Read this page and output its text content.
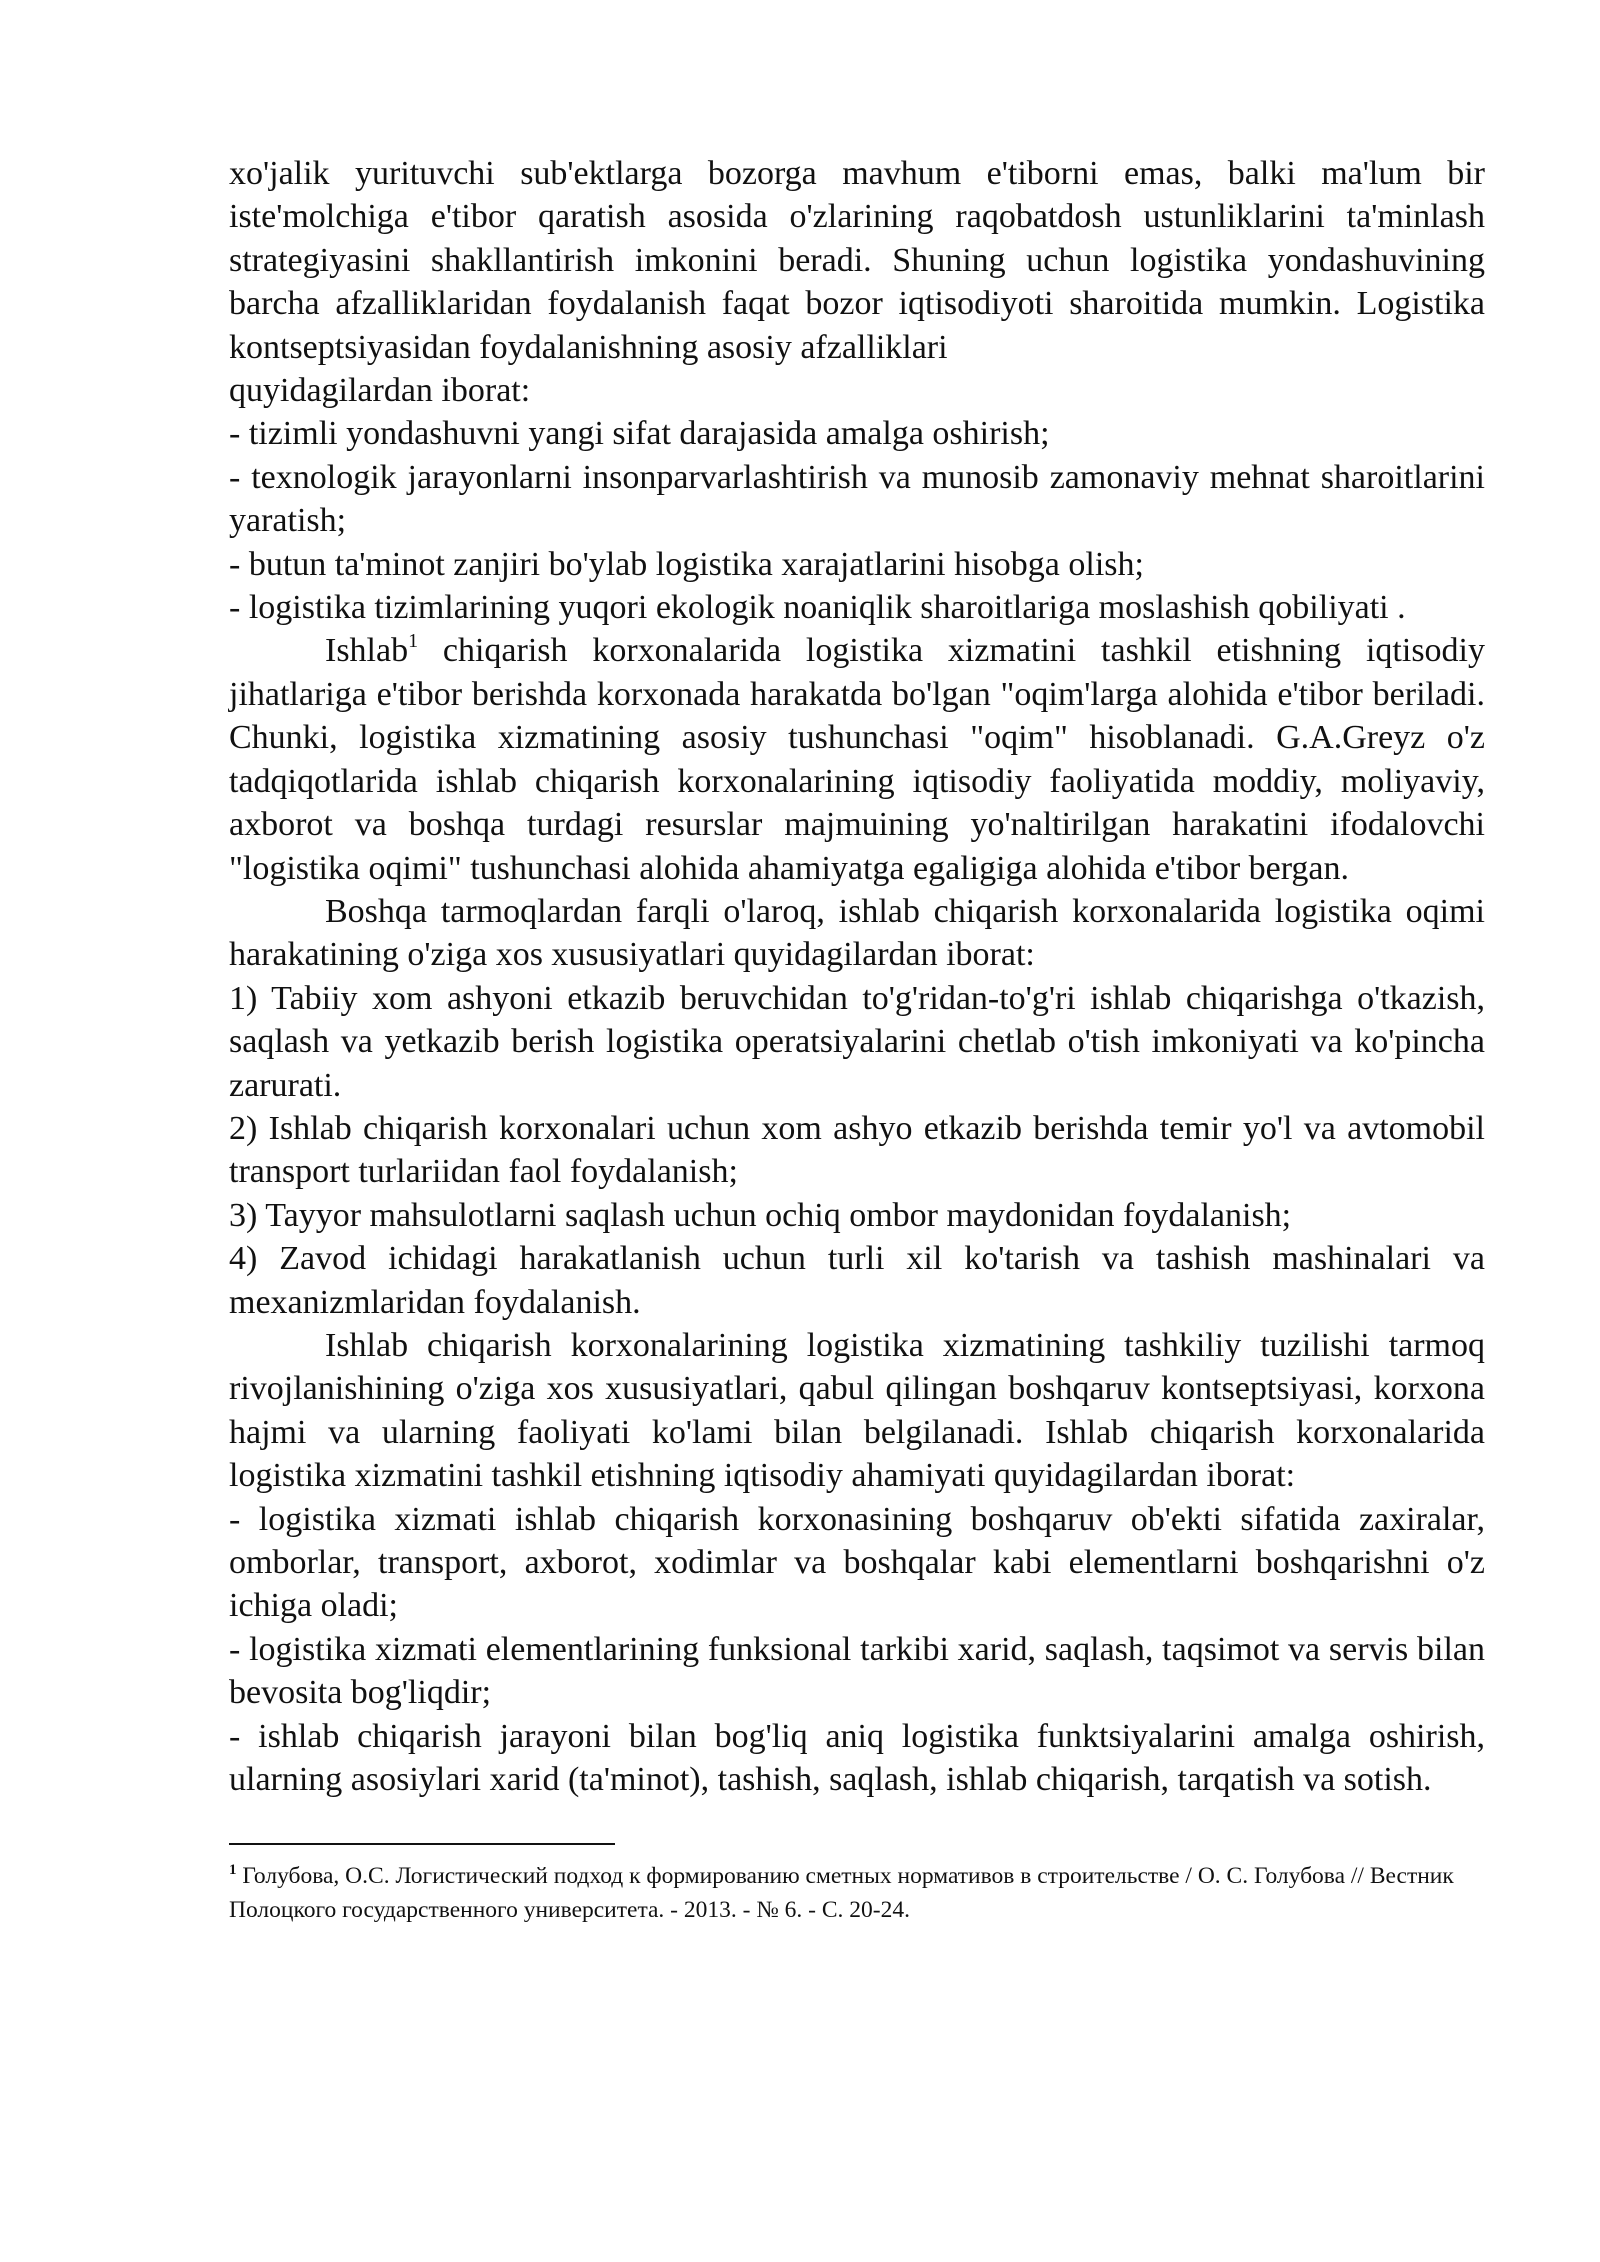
xo'jalik yurituvchi sub'ektlarga bozorga mavhum e'tiborni emas, balki ma'lum bir iste'molchiga e'tibor qaratish asosida o'zlarining raqobatdosh ustunliklarini ta'minlash strategiyasini shakllantirish imkonini beradi. Shuning uchun logistika yondashuvining barcha afzalliklaridan foydalanish faqat bozor iqtisodiyoti sharoitida mumkin. Logistika kontseptsiyasidan foydalanishning asosiy afzalliklari

quyidagilardan iborat:

- tizimli yondashuvni yangi sifat darajasida amalga oshirish;

- texnologik jarayonlarni insonparvarlashtirish va munosib zamonaviy mehnat sharoitlarini yaratish;

- butun ta'minot zanjiri bo'ylab logistika xarajatlarini hisobga olish;

- logistika tizimlarining yuqori ekologik noaniqlik sharoitlariga moslashish qobiliyati .

Ishlab$^1$ chiqarish korxonalarida logistika xizmatini tashkil etishning iqtisodiy jihatlariga e'tibor berishda korxonada harakatda bo'lgan "oqim'larga alohida e'tibor beriladi. Chunki, logistika xizmatining asosiy tushunchasi "oqim" hisoblanadi. G.A.Greyz o'z tadqiqotlarida ishlab chiqarish korxonalarining iqtisodiy faoliyatida moddiy, moliyaviy, axborot va boshqa turdagi resurslar majmuining yo'naltirilgan harakatini ifodalovchi "logistika oqimi" tushunchasi alohida ahamiyatga egaligiga alohida e'tibor bergan.

Boshqa tarmoqlardan farqli o'laroq, ishlab chiqarish korxonalarida logistika oqimi harakatining o'ziga xos xususiyatlari quyidagilardan iborat:

1) Tabiiy xom ashyoni etkazib beruvchidan to'g'ridan-to'g'ri ishlab chiqarishga o'tkazish, saqlash va yetkazib berish logistika operatsiyalarini chetlab o'tish imkoniyati va ko'pincha zarurati.

2) Ishlab chiqarish korxonalari uchun xom ashyo etkazib berishda temir yo'l va avtomobil transport turlariidan faol foydalanish;

3) Tayyor mahsulotlarni saqlash uchun ochiq ombor maydonidan foydalanish;

4) Zavod ichidagi harakatlanish uchun turli xil ko'tarish va tashish mashinalari va mexanizmlaridan foydalanish.

Ishlab chiqarish korxonalarining logistika xizmatining tashkiliy tuzilishi tarmoq rivojlanishining o'ziga xos xususiyatlari, qabul qilingan boshqaruv kontseptsiyasi, korxona hajmi va ularning faoliyati ko'lami bilan belgilanadi. Ishlab chiqarish korxonalarida logistika xizmatini tashkil etishning iqtisodiy ahamiyati quyidagilardan iborat:

- logistika xizmati ishlab chiqarish korxonasining boshqaruv ob'ekti sifatida zaxiralar, omborlar, transport, axborot, xodimlar va boshqalar kabi elementlarni boshqarishni o'z ichiga oladi;

- logistika xizmati elementlarining funksional tarkibi xarid, saqlash, taqsimot va servis bilan bevosita bog'liqdir;

- ishlab chiqarish jarayoni bilan bog'liq aniq logistika funktsiyalarini amalga oshirish, ularning asosiylari xarid (ta'minot), tashish, saqlash, ishlab chiqarish, tarqatish va sotish.

$^1$ Голубова, О.С. Логистический подход к формированию сметных нормативов в строительстве / О. С. Голубова // Вестник Полоцкого государственного университета. - 2013. - № 6. - С. 20-24.
